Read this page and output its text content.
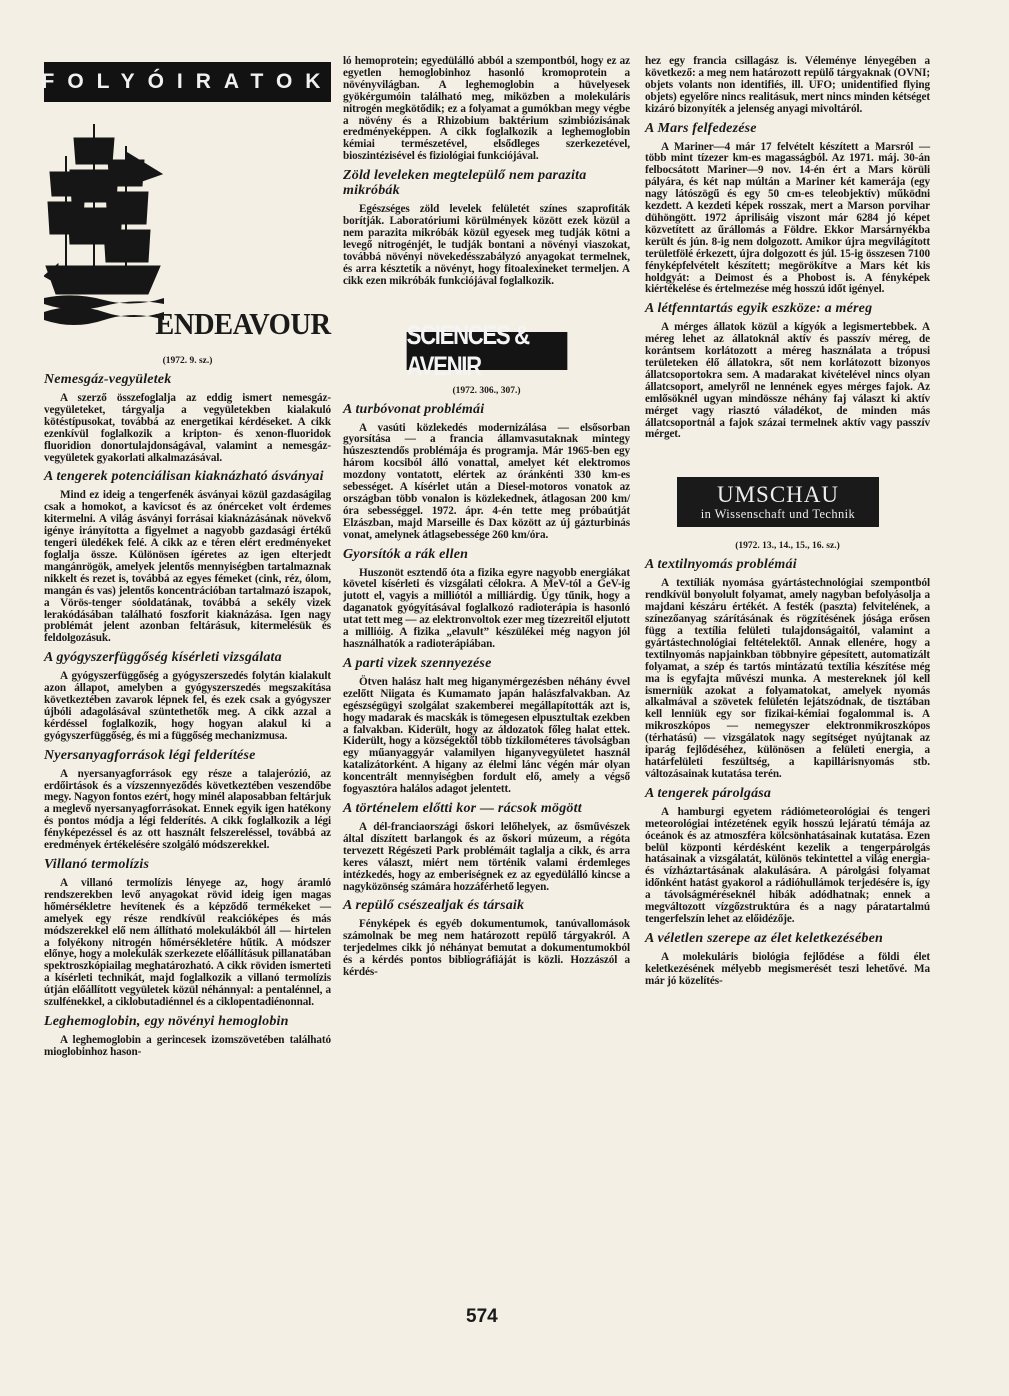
FOLYÓIRATOK
ENDEAVOUR
(1972. 9. sz.)
Nemesgáz-vegyületek

A szerző összefoglalja az eddig ismert nemesgáz-vegyületeket, tárgyalja a vegyületekben kialakuló kötéstípusokat, továbbá az energetikai kérdéseket. A cikk ezenkívül foglalkozik a kripton- és xenon-fluoridok fluoridion donortulajdonságával, valamint a nemesgáz-vegyületek gyakorlati alkalmazásával.

A tengerek potenciálisan kiaknázható ásványai

Mind ez ideig a tengerfenék ásványai közül gazdaságilag csak a homokot, a kavicsot és az ónérceket volt érdemes kitermelni. A világ ásványi forrásai kiaknázásának növekvő igénye irányította a figyelmet a nagyobb gazdasági értékű tengeri üledékek felé. A cikk az e téren elért eredményeket foglalja össze. Különösen ígéretes az igen elterjedt mangánrögök, amelyek jelentős mennyiségben tartalmaznak nikkelt és rezet is, továbbá az egyes fémeket (cink, réz, ólom, mangán és vas) jelentős koncentrációban tartalmazó iszapok, a Vörös-tenger sóoldatának, továbbá a sekély vizek lerakódásában található foszforit kiaknázása. Igen nagy problémát jelent azonban feltárásuk, kitermelésük és feldolgozásuk.

A gyógyszerfüggőség kísérleti vizsgálata

A gyógyszerfüggőség a gyógyszerszedés folytán kialakult azon állapot, amelyben a gyógyszerszedés megszakítása következtében zavarok lépnek fel, és ezek csak a gyógyszer újbóli adagolásával szüntethetők meg. A cikk azzal a kérdéssel foglalkozik, hogy hogyan alakul ki a gyógyszerfüggőség, és mi a függőség mechanizmusa.

Nyersanyagforrások légi felderítése

A nyersanyagforrások egy része a talajerózió, az erdőirtások és a vízszennyeződés következtében veszendőbe megy. Nagyon fontos ezért, hogy minél alaposabban feltárjuk a meglevő nyersanyagforrásokat. Ennek egyik igen hatékony és pontos módja a légi felderítés. A cikk foglalkozik a légi fényképezéssel és az ott használt felszereléssel, továbbá az eredmények értékelésére szolgáló módszerekkel.

Villanó termolízis

A villanó termolízis lényege az, hogy áramló rendszerekben levő anyagokat rövid ideig igen magas hőmérsékletre hevítenek és a képződő termékeket — amelyek egy része rendkívül reakcióképes és más módszerekkel elő nem állítható molekulákból áll — hirtelen a folyékony nitrogén hőmérsékletére hűtik. A módszer előnye, hogy a molekulák szerkezete előállításuk pillanatában spektroszkópiailag meghatározható. A cikk röviden ismerteti a kísérleti technikát, majd foglalkozik a villanó termolízis útján előállított vegyületek közül néhánnyal: a pentalénnel, a szulfénekkel, a ciklobutadiénnel és a ciklopentadiénonnal.

Leghemoglobin, egy növényi hemoglobin

A leghemoglobin a gerincesek izomszövetében található mioglobinhoz hason-

ló hemoprotein; egyedülálló abból a szempontból, hogy ez az egyetlen hemoglobinhoz hasonló kromoprotein a növényvilágban. A leghemoglobin a hüvelyesek gyökérgumóin található meg, miközben a molekuláris nitrogén megkötődik; ez a folyamat a gumókban megy végbe a növény és a Rhizobium baktérium szimbiózisának eredményeképpen. A cikk foglalkozik a leghemoglobin kémiai természetével, elsődleges szerkezetével, bioszintézisével és fiziológiai funkciójával.

Zöld leveleken megtelepülő nem parazita mikróbák

Egészséges zöld levelek felületét színes szaprofiták borítják. Laboratóriumi körülmények között ezek közül a nem parazita mikróbák közül egyesek meg tudják kötni a levegő nitrogénjét, le tudják bontani a növényi viaszokat, továbbá növényi növekedésszabályzó anyagokat termelnek, és arra késztetik a növényt, hogy fitoalexineket termeljen. A cikk ezen mikróbák funkciójával foglalkozik.

SCIENCES & AVENIR
(1972. 306., 307.)
A turbóvonat problémái

A vasúti közlekedés modernizálása — elsősorban gyorsítása — a francia államvasutaknak mintegy húszesztendős problémája és programja. Már 1965-ben egy három kocsiból álló vonattal, amelyet két elektromos mozdony vontatott, elértek az óránkénti 330 km-es sebességet. A kísérlet után a Diesel-motoros vonatok az országban több vonalon is közlekednek, átlagosan 200 km/óra sebességgel. 1972. ápr. 4-én tette meg próbaútját Elzászban, majd Marseille és Dax között az új gázturbinás vonat, amelynek átlagsebessége 260 km/óra.

Gyorsítók a rák ellen

Huszonöt esztendő óta a fizika egyre nagyobb energiákat követel kísérleti és vizsgálati célokra. A MeV-tól a GeV-ig jutott el, vagyis a milliótól a milliárdig. Úgy tűnik, hogy a daganatok gyógyításával foglalkozó radioterápia is hasonló utat tett meg — az elektronvoltok ezer meg tízezreitől eljutott a millióig. A fizika „elavult” készülékei még nagyon jól használhatók a radioterápiában.

A parti vizek szennyezése

Ötven halász halt meg higanymérgezésben néhány évvel ezelőtt Niigata és Kumamato japán halászfalvakban. Az egészségügyi szolgálat szakemberei megállapították azt is, hogy madarak és macskák is tömegesen elpusztultak ezekben a falvakban. Kiderült, hogy az áldozatok főleg halat ettek. Kiderült, hogy a községektől több tízkilométeres távolságban egy műanyaggyár valamilyen higanyvegyületet használ katalizátorként. A higany az élelmi lánc végén már olyan koncentrált mennyiségben fordult elő, amely a végső fogyasztóra halálos adagot jelentett.

A történelem előtti kor — rácsok mögött

A dél-franciaországi őskori lelőhelyek, az ősművészek által díszített barlangok és az őskori múzeum, a régóta tervezett Régészeti Park problémáit taglalja a cikk, és arra keres választ, miért nem történik valami érdemleges intézkedés, hogy az emberiségnek ez az egyedülálló kincse a nagyközönség számára hozzáférhető legyen.

A repülő csészealjak és társaik

Fényképek és egyéb dokumentumok, tanúvallomások számolnak be meg nem határozott repülő tárgyakról. A terjedelmes cikk jó néhányat bemutat a dokumentumokból és a kérdés pontos bibliográfiáját is közli. Hozzászól a kérdés-

hez egy francia csillagász is. Véleménye lényegében a következő: a meg nem határozott repülő tárgyaknak (OVNI; objets volants non identifiés, ill. UFO; unidentified flying objets) egyelőre nincs realitásuk, mert nincs minden kétséget kizáró bizonyíték a jelenség anyagi mivoltáról.

A Mars felfedezése

A Mariner—4 már 17 felvételt készített a Marsról — több mint tízezer km-es magasságból. Az 1971. máj. 30-án felbocsátott Mariner—9 nov. 14-én ért a Mars körüli pályára, és két nap múltán a Mariner két kamerája (egy nagy látószögű és egy 50 cm-es teleobjektív) működni kezdett. A kezdeti képek rosszak, mert a Marson porvihar dühöngött. 1972 áprilisáig viszont már 6284 jó képet közvetített az űrállomás a Földre. Ekkor Marsárnyékba került és jún. 8-ig nem dolgozott. Amikor újra megvilágított területfölé érkezett, újra dolgozott és júl. 15-ig összesen 7100 fényképfelvételt készített; megörökítve a Mars két kis holdgyát: a Deimost és a Phobost is. A fényképek kiértékelése és értelmezése még hosszú időt igényel.

A létfenntartás egyik eszköze: a méreg

A mérges állatok közül a kígyók a legismertebbek. A méreg lehet az állatoknál aktív és passzív méreg, de korántsem korlátozott a méreg használata a trópusi területeken élő állatokra, sőt nem korlátozott bizonyos állatcsoportokra sem. A madarakat kivételével nincs olyan állatcsoport, amelyről ne lennének egyes mérges fajok. Az emlősöknél ugyan mindössze néhány faj választ ki aktív mérget vagy riasztó váladékot, de minden más állatcsoportnál a fajok százai termelnek aktív vagy passzív mérget.

UMSCHAU
in Wissenschaft und Technik
(1972. 13., 14., 15., 16. sz.)
A textilnyomás problémái

A textíliák nyomása gyártástechnológiai szempontból rendkívül bonyolult folyamat, amely nagyban befolyásolja a majdani készáru értékét. A festék (paszta) felvitelének, a színezőanyag szárításának és rögzítésének jósága erősen függ a textília felületi tulajdonságaitól, valamint a gyártástechnológiai feltételektől. Annak ellenére, hogy a textilnyomás napjainkban többnyire gépesített, automatizált folyamat, a szép és tartós mintázatú textília készítése még ma is egyfajta művészi munka. A mestereknek jól kell ismerniük azokat a folyamatokat, amelyek nyomás alkalmával a szövetek felületén lejátszódnak, de tisztában kell lenniük egy sor fizikai-kémiai fogalommal is. A mikroszkópos — nemegyszer elektronmikroszkópos (térhatású) — vizsgálatok nagy segítséget nyújtanak az iparág fejlődéséhez, különösen a felületi energia, a határfelületi feszültség, a kapillárisnyomás stb. változásainak kutatása terén.

A tengerek párolgása

A hamburgi egyetem rádiómeteorológiai és tengeri meteorológiai intézetének egyik hosszú lejáratú témája az óceánok és az atmoszféra kölcsönhatásainak kutatása. Ezen belül központi kérdésként kezelik a tengerpárolgás hatásainak a vizsgálatát, különös tekintettel a világ energia- és vízháztartásának alakulására. A párolgási folyamat időnként hatást gyakorol a rádióhullámok terjedésére is, így a távolságméréseknél hibák adódhatnak; ennek a megváltozott vízgőzstruktúra és a nagy páratartalmú tengerfelszín lehet az előidézője.

A véletlen szerepe az élet keletkezésében

A molekuláris biológia fejlődése a földi élet keletkezésének mélyebb megismerését teszi lehetővé. Ma már jó közelítés-

574
